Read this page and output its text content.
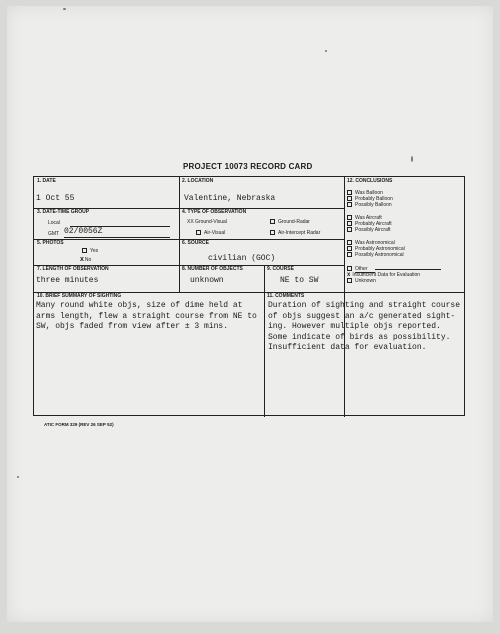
PROJECT 10073 RECORD CARD
1. DATE
1 Oct 55
2. LOCATION
Valentine, Nebraska
3. DATE-TIME GROUP
Local
GMT 02/0056Z
4. TYPE OF OBSERVATION
XX Ground-Visual	Ground-Radar
Air-Visual	Air-Intercept Radar
5. PHOTOS
Yes
xNo
6. SOURCE
civilian (GOC)
7. LENGTH OF OBSERVATION
three minutes
8. NUMBER OF OBJECTS
unknown
9. COURSE
NE to SW
12. CONCLUSIONS
Was Balloon
Probably Balloon
Possibly Balloon
Was Aircraft
Probably Aircraft
Possibly Aircraft
Was Astronomical
Probably Astronomical
Possibly Astronomical
Other
x Insufficient Data for Evaluation
Unknown
10. BRIEF SUMMARY OF SIGHTING
Many round white objs, size of dime held at
arms length, flew a straight course from NE to
SW, objs faded from view after ± 3 mins.
11. COMMENTS
Duration of sighting and straight course
of objs suggest an a/c generated sight-
ing. However multiple objs reported.
Some indicate of birds as possibility.
Insufficient data for evaluation.
ATIC FORM 329 (REV 26 SEP 52)
